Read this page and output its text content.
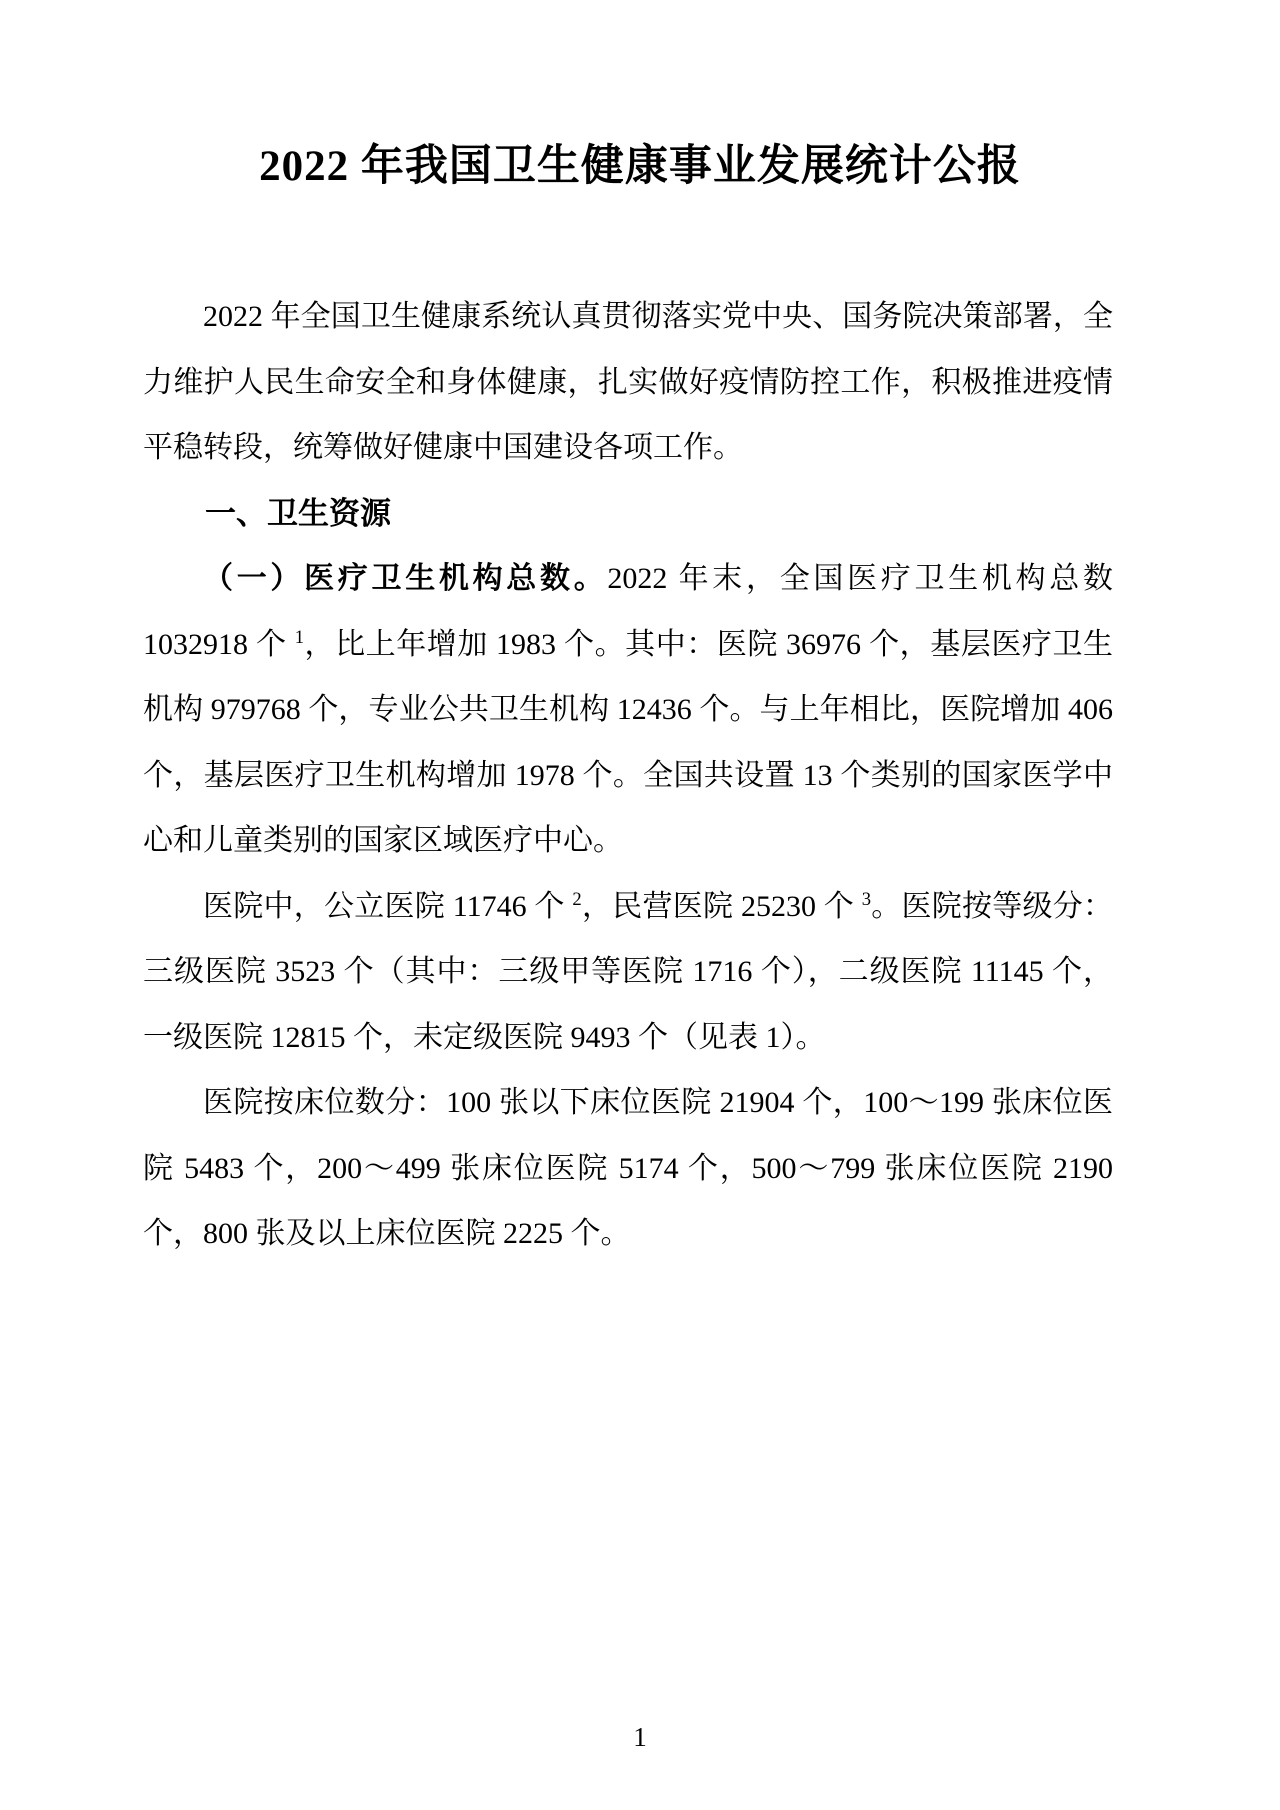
2022 年我国卫生健康事业发展统计公报

2022 年全国卫生健康系统认真贯彻落实党中央、国务院决策部署，全力维护人民生命安全和身体健康，扎实做好疫情防控工作，积极推进疫情平稳转段，统筹做好健康中国建设各项工作。

一、卫生资源

（一）医疗卫生机构总数。2022 年末，全国医疗卫生机构总数 1032918 个 $^1$，比上年增加 1983 个。其中：医院 36976 个，基层医疗卫生机构 979768 个，专业公共卫生机构 12436 个。与上年相比，医院增加 406 个，基层医疗卫生机构增加 1978 个。全国共设置 13 个类别的国家医学中心和儿童类别的国家区域医疗中心。

医院中，公立医院 11746 个 $^2$，民营医院 25230 个 $^3$。医院按等级分：三级医院 3523 个（其中：三级甲等医院 1716 个），二级医院 11145 个，一级医院 12815 个，未定级医院 9493 个（见表 1）。

医院按床位数分：100 张以下床位医院 21904 个，100～199 张床位医院 5483 个，200～499 张床位医院 5174 个，500～799 张床位医院 2190 个，800 张及以上床位医院 2225 个。

1
